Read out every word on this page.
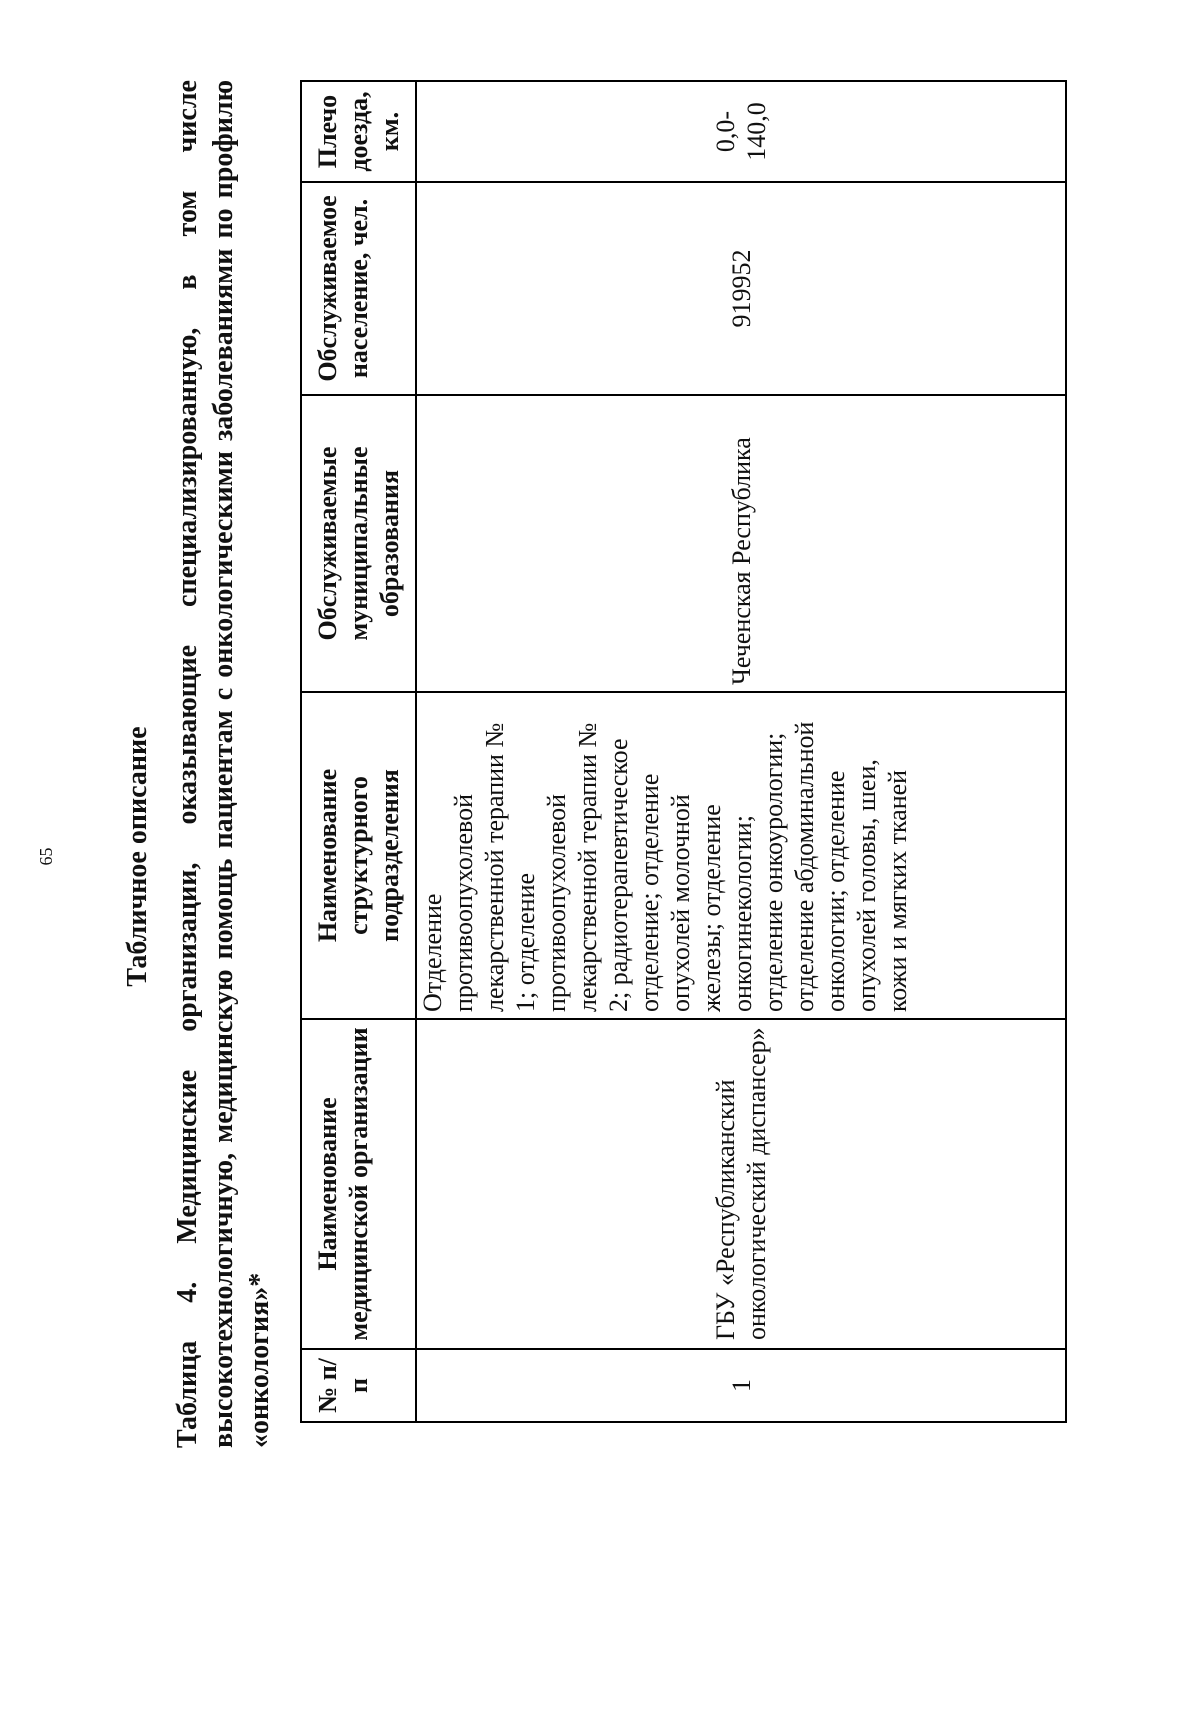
65 Табличное описание Таблица 4. Медицинские организации, оказывающие специализированную, в том числе высокотехнологичную, медицинскую помощь пациентам с онкологическими заболеваниями по профилю «онкология»* № п/п	Наименование медицинской организации	Наименование структурного подразделения	Обслуживаемые муниципальные образования	Обслуживаемое население, чел.	Плечо доезда, км.
1	ГБУ «Республиканский онкологический диспансер»	Отделение противоопухолевой лекарственной терапии № 1; отделение противоопухолевой лекарственной терапии № 2; радиотерапевтическое отделение; отделение опухолей молочной железы; отделение онкогинекологии; отделение онкоурологии; отделение абдоминальной онкологии; отделение опухолей головы, шеи, кожи и мягких тканей	Чеченская Республика	919952	0,0-140,0
